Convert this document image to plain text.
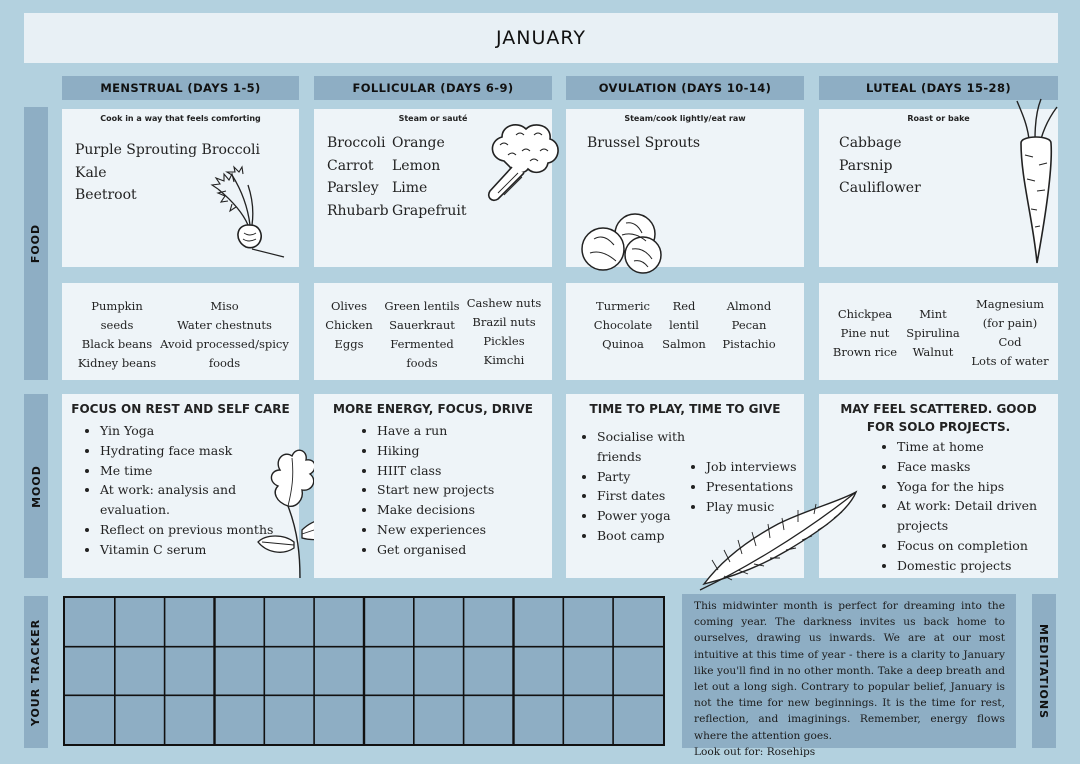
JANUARY
MENSTRUAL (DAYS 1-5)	FOLLICULAR (DAYS 6-9)	OVULATION (DAYS 10-14)	LUTEAL (DAYS 15-28)
FOOD
MOOD
YOUR TRACKER	MEDITATIONS
Cook in a way that feels comforting
Purple Sprouting Broccoli
Kale
Beetroot
Steam or sauté
Broccoli
Carrot
Parsley
Rhubarb
Orange
Lemon
Lime
Grapefruit
Steam/cook lightly/eat raw
Brussel Sprouts
Roast or bake
Cabbage
Parsnip
Cauliflower
Pumpkin seeds
Black beans
Kidney beans
Miso
Water chestnuts
Avoid processed/spicy foods
Olives
Chicken
Eggs
Green lentils
Sauerkraut
Fermented foods
Cashew nuts
Brazil nuts
Pickles
Kimchi
Turmeric
Chocolate
Quinoa
Red lentil
Salmon
Almond
Pecan
Pistachio
Chickpea
Pine nut
Brown rice
Mint
Spirulina
Walnut
Magnesium (for pain)
Cod
Lots of water
FOCUS ON REST AND SELF CARE
• Yin Yoga
• Hydrating face mask
• Me time
• At work: analysis and evaluation.
• Reflect on previous months
• Vitamin C serum
MORE ENERGY, FOCUS, DRIVE
• Have a run
• Hiking
• HIIT class
• Start new projects
• Make decisions
• New experiences
• Get organised
TIME TO PLAY, TIME TO GIVE
• Socialise with friends
• Party
• First dates
• Power yoga
• Boot camp
• Job interviews
• Presentations
• Play music
MAY FEEL SCATTERED. GOOD FOR SOLO PROJECTS.
• Time at home
• Face masks
• Yoga for the hips
• At work: Detail driven projects
• Focus on completion
• Domestic projects

This midwinter month is perfect for dreaming into the coming year. The darkness invites us back home to ourselves, drawing us inwards. We are at our most intuitive at this time of year - there is a clarity to January like you'll find in no other month. Take a deep breath and let out a long sigh. Contrary to popular belief, January is not the time for new beginnings. It is the time for rest, reflection, and imaginings. Remember, energy flows where the attention goes.

Look out for: Rosehips
